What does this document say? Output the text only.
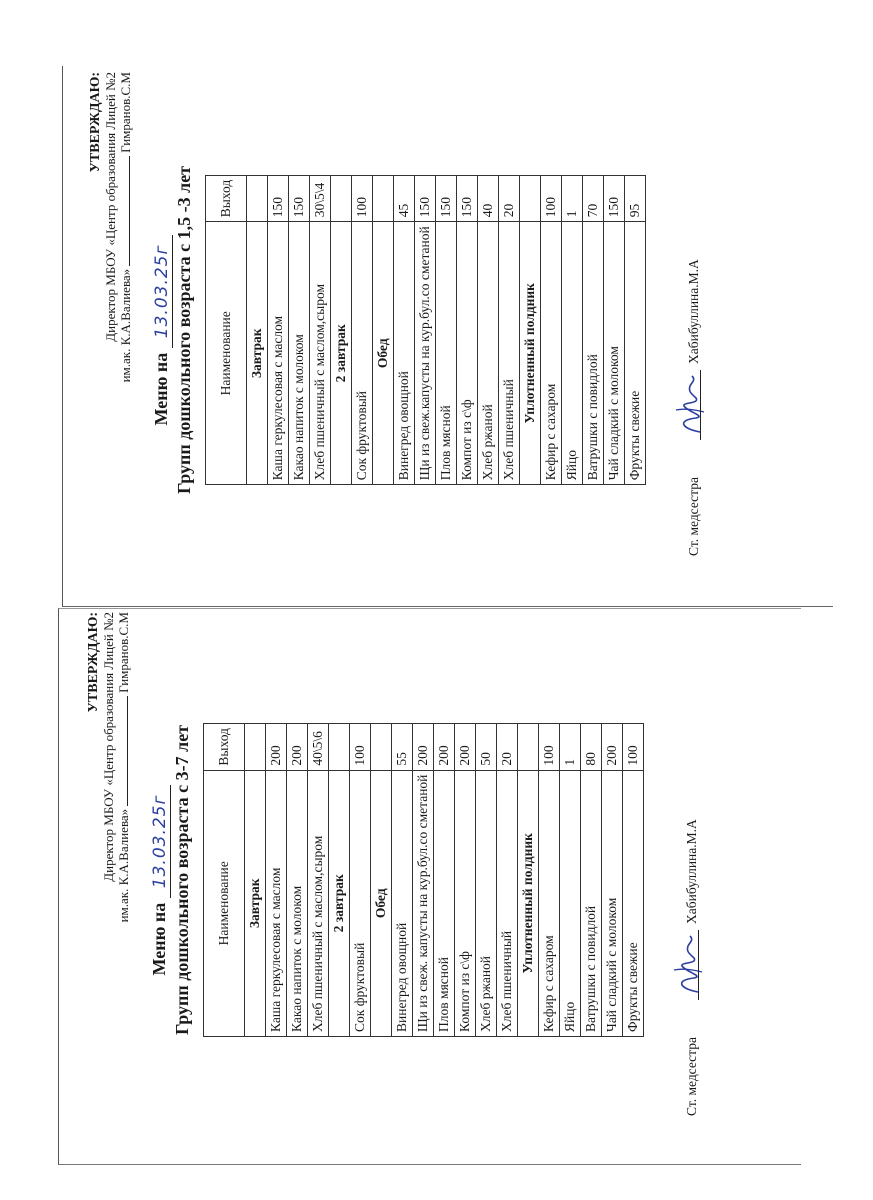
УТВЕРЖДАЮ: Директор МБОУ «Центр образования Лицей №2 им.ак. К.А.Валиева»Гимранов.С.М
Меню на 13.03.25г Групп дошкольного возраста с 1,5 -3 лет Наименование	Выход
Завтрак	
Каша геркулесовая с маслом	150
Какао напиток с молоком	150
Хлеб пшеничный с маслом,сыром	30\5\4
2 завтрак	
Сок фруктовый	100
Обед	
Винегред овощной	45
Щи из свеж.капусты на кур.бул.со сметаной	150
Плов мясной	150
Компот из с\ф	150
Хлеб ржаной	40
Хлеб пшеничный	20
Уплотненный полдник	
Кефир с сахаром	100
Яйцо	1
Ватрушки с повидлой	70
Чай сладкий с молоком	150
Фрукты свежие	95
Ст. медсестра
Хабибуллина.М.А
УТВЕРЖДАЮ: Директор МБОУ «Центр образования Лицей №2 им.ак. К.А.Валиева»Гимранов.С.М
Меню на 13.03.25г Групп дошкольного возраста с 3-7 лет Наименование	Выход
Завтрак	
Каша геркулесовая с маслом	200
Какао напиток с молоком	200
Хлеб пшеничный с маслом,сыром	40\5\6
2 завтрак	
Сок фруктовый	100
Обед	
Винегред овощной	55
Щи из свеж. капусты на кур.бул.со сметаной	200
Плов мясной	200
Компот из с\ф	200
Хлеб ржаной	50
Хлеб пшеничный	20
Уплотненный полдник	
Кефир с сахаром	100
Яйцо	1
Ватрушки с повидлой	80
Чай сладкий с молоком	200
Фрукты свежие	100
Ст. медсестра
Хабибуллина.М.А
